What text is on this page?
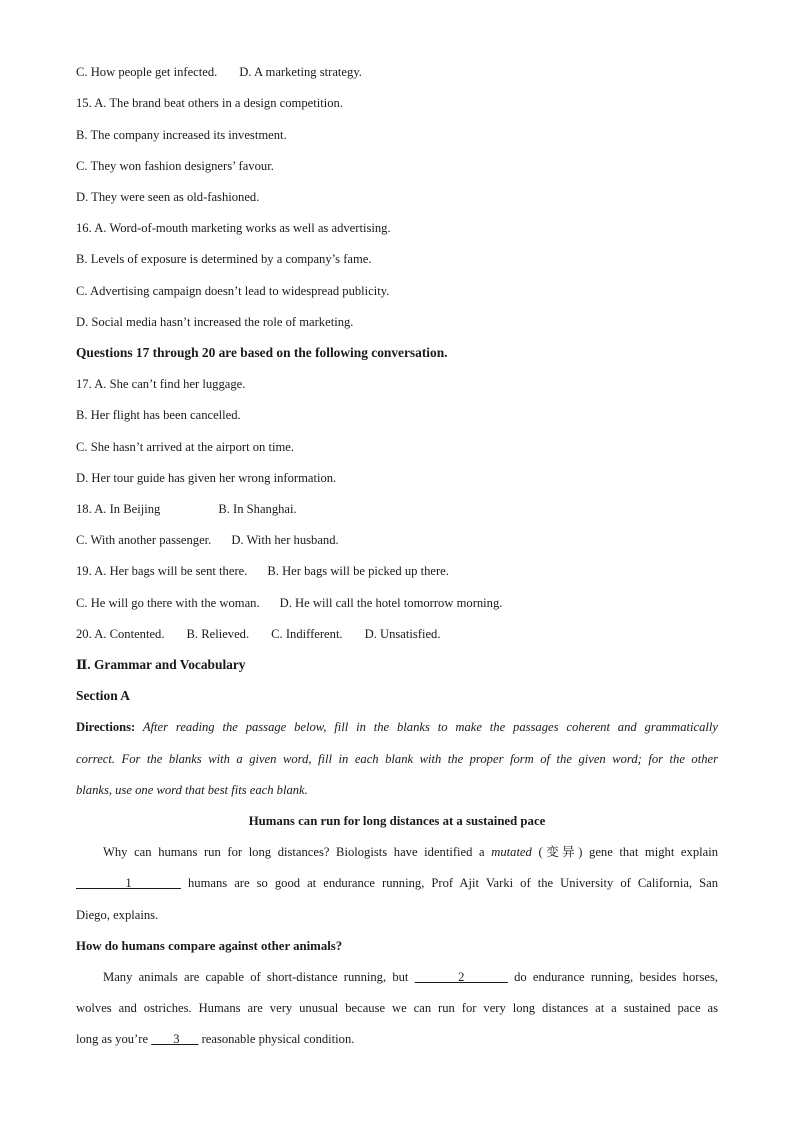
C. How people get infected. D. A marketing strategy.
15. A. The brand beat others in a design competition.
B. The company increased its investment.
C. They won fashion designers’ favour.
D. They were seen as old-fashioned.
16. A. Word-of-mouth marketing works as well as advertising.
B. Levels of exposure is determined by a company’s fame.
C. Advertising campaign doesn’t lead to widespread publicity.
D. Social media hasn’t increased the role of marketing.
Questions 17 through 20 are based on the following conversation.
17. A. She can’t find her luggage.
B. Her flight has been cancelled.
C. She hasn’t arrived at the airport on time.
D. Her tour guide has given her wrong information.
18. A. In Beijing	B. In Shanghai.
C. With another passenger. D. With her husband.
19. A. Her bags will be sent there. B. Her bags will be picked up there.
C. He will go there with the woman. D. He will call the hotel tomorrow morning.
20. A. Contented. B. Relieved. C. Indifferent. D. Unsatisfied.
Ⅱ. Grammar and Vocabulary
Section A
Directions: After reading the passage below, fill in the blanks to make the passages coherent and grammatically
correct. For the blanks with a given word, fill in each blank with the proper form of the given word; for the other
blanks, use one word that best fits each blank.
Humans can run for long distances at a sustained pace
Why can humans run for long distances? Biologists have identified a mutated (变异) gene that might explain
1        humans are so good at endurance running, Prof Ajit Varki of the University of California, San
Diego, explains.
How do humans compare against other animals?
Many animals are capable of short-distance running, but        2        do endurance running, besides horses,
wolves and ostriches. Humans are very unusual because we can run for very long distances at a sustained pace as
long as you’re        3       reasonable physical condition.
